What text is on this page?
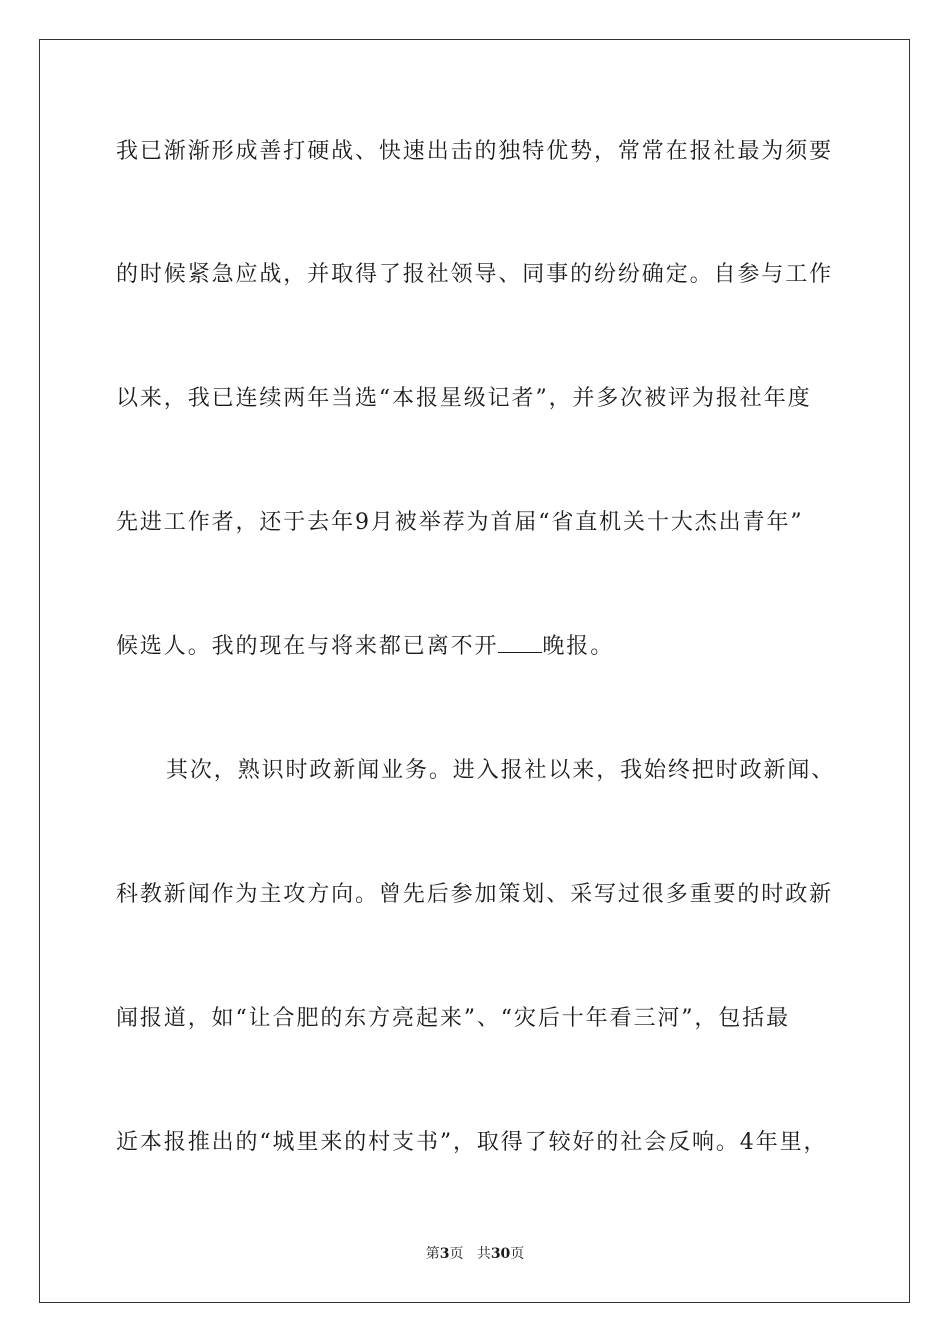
我已渐渐形成善打硬战、快速出击的独特优势，常常在报社最为须要
的时候紧急应战，并取得了报社领导、同事的纷纷确定。自参与工作
以来，我已连续两年当选“本报星级记者”，并多次被评为报社年度
先进工作者，还于去年9月被举荐为首届“省直机关十大杰出青年”
候选人。我的现在与将来都已离不开 晚报。
其次，熟识时政新闻业务。进入报社以来，我始终把时政新闻、
科教新闻作为主攻方向。曾先后参加策划、采写过很多重要的时政新
闻报道，如“让合肥的东方亮起来”、“灾后十年看三河”，包括最
近本报推出的“城里来的村支书”，取得了较好的社会反响。4年里，
第3页 共30页
